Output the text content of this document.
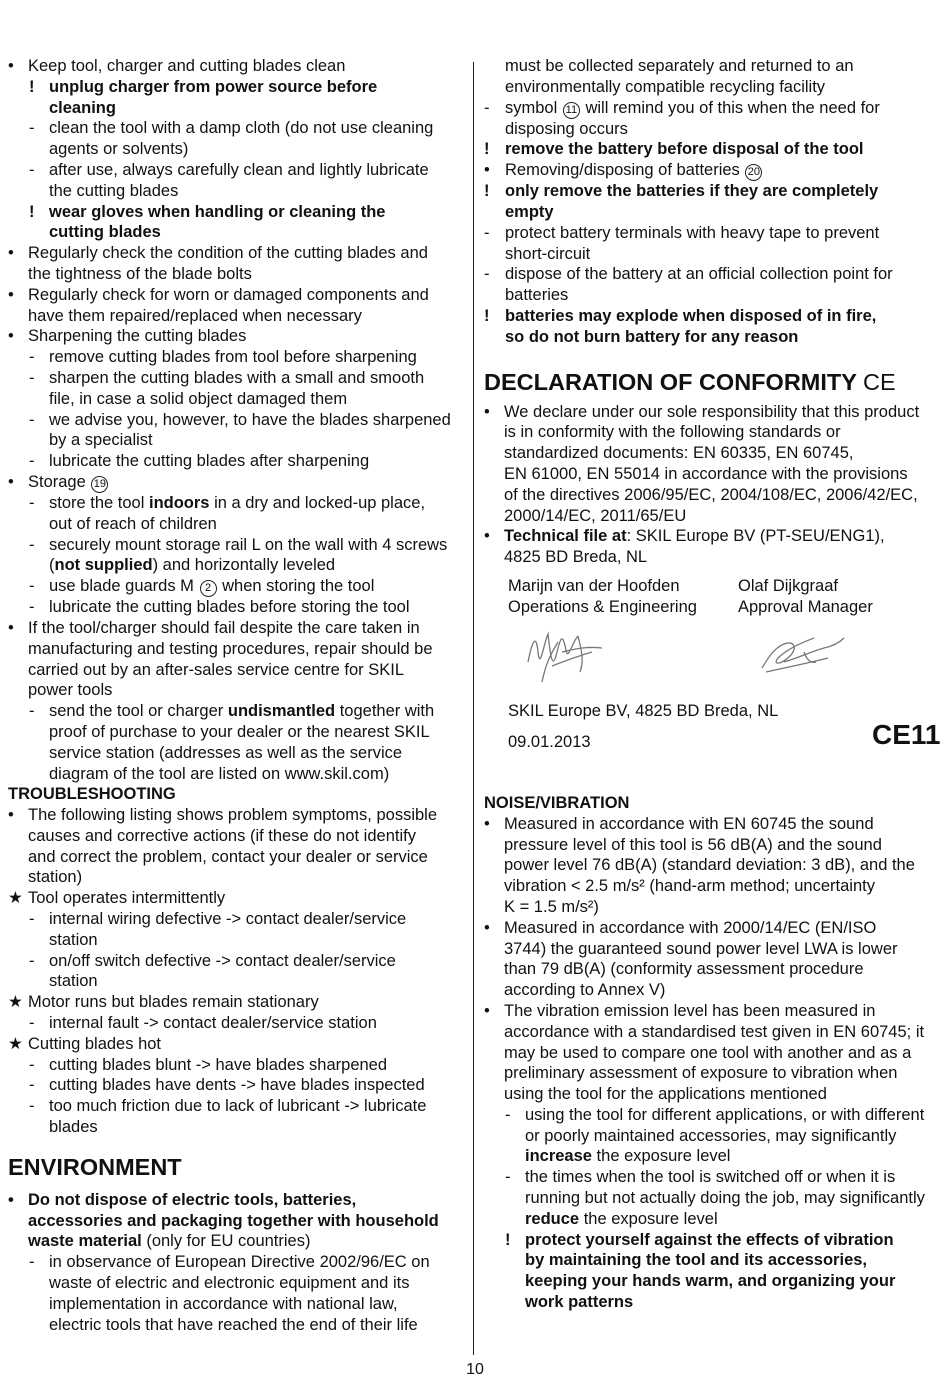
• Keep tool, charger and cutting blades clean
! unplug charger from power source before
cleaning
- clean the tool with a damp cloth (do not use cleaning
agents or solvents)
- after use, always carefully clean and lightly lubricate
the cutting blades
! wear gloves when handling or cleaning the
cutting blades
• Regularly check the condition of the cutting blades and
the tightness of the blade bolts
• Regularly check for worn or damaged components and
have them repaired/replaced when necessary
• Sharpening the cutting blades
- remove cutting blades from tool before sharpening
- sharpen the cutting blades with a small and smooth
file, in case a solid object damaged them
- we advise you, however, to have the blades sharpened
by a specialist
- lubricate the cutting blades after sharpening
• Storage 19
- store the tool indoors in a dry and locked-up place,
out of reach of children
- securely mount storage rail L on the wall with 4 screws
(not supplied) and horizontally leveled
- use blade guards M 2 when storing the tool
- lubricate the cutting blades before storing the tool
• If the tool/charger should fail despite the care taken in
manufacturing and testing procedures, repair should be
carried out by an after-sales service centre for SKIL
power tools
- send the tool or charger undismantled together with
proof of purchase to your dealer or the nearest SKIL
service station (addresses as well as the service
diagram of the tool are listed on www.skil.com)
TROUBLESHOOTING
• The following listing shows problem symptoms, possible
causes and corrective actions (if these do not identify
and correct the problem, contact your dealer or service
station)
★ Tool operates intermittently
- internal wiring defective -> contact dealer/service
station
- on/off switch defective -> contact dealer/service
station
★ Motor runs but blades remain stationary
- internal fault -> contact dealer/service station
★ Cutting blades hot
- cutting blades blunt -> have blades sharpened
- cutting blades have dents -> have blades inspected
- too much friction due to lack of lubricant -> lubricate
blades
ENVIRONMENT
• Do not dispose of electric tools, batteries,
accessories and packaging together with household
waste material (only for EU countries)
- in observance of European Directive 2002/96/EC on
waste of electric and electronic equipment and its
implementation in accordance with national law,
electric tools that have reached the end of their life
must be collected separately and returned to an
environmentally compatible recycling facility
- symbol 11 will remind you of this when the need for
disposing occurs
! remove the battery before disposal of the tool
• Removing/disposing of batteries 20
! only remove the batteries if they are completely
empty
- protect battery terminals with heavy tape to prevent
short-circuit
- dispose of the battery at an official collection point for
batteries
! batteries may explode when disposed of in fire,
so do not burn battery for any reason
DECLARATION OF CONFORMITY CE
• We declare under our sole responsibility that this product
is in conformity with the following standards or
standardized documents: EN 60335, EN 60745,
EN 61000, EN 55014 in accordance with the provisions
of the directives 2006/95/EC, 2004/108/EC, 2006/42/EC,
2000/14/EC, 2011/65/EU
• Technical file at: SKIL Europe BV (PT-SEU/ENG1),
4825 BD Breda, NL
Marijn van der Hoofden
Operations & Engineering
Olaf Dijkgraaf
Approval Manager
SKIL Europe BV, 4825 BD Breda, NL
09.01.2013	CE11
NOISE/VIBRATION
• Measured in accordance with EN 60745 the sound
pressure level of this tool is 56 dB(A) and the sound
power level 76 dB(A) (standard deviation: 3 dB), and the
vibration < 2.5 m/s² (hand-arm method; uncertainty
K = 1.5 m/s²)
• Measured in accordance with 2000/14/EC (EN/ISO
3744) the guaranteed sound power level LWA is lower
than 79 dB(A) (conformity assessment procedure
according to Annex V)
• The vibration emission level has been measured in
accordance with a standardised test given in EN 60745; it
may be used to compare one tool with another and as a
preliminary assessment of exposure to vibration when
using the tool for the applications mentioned
- using the tool for different applications, or with different
or poorly maintained accessories, may significantly
increase the exposure level
- the times when the tool is switched off or when it is
running but not actually doing the job, may significantly
reduce the exposure level
! protect yourself against the effects of vibration
by maintaining the tool and its accessories,
keeping your hands warm, and organizing your
work patterns
10
